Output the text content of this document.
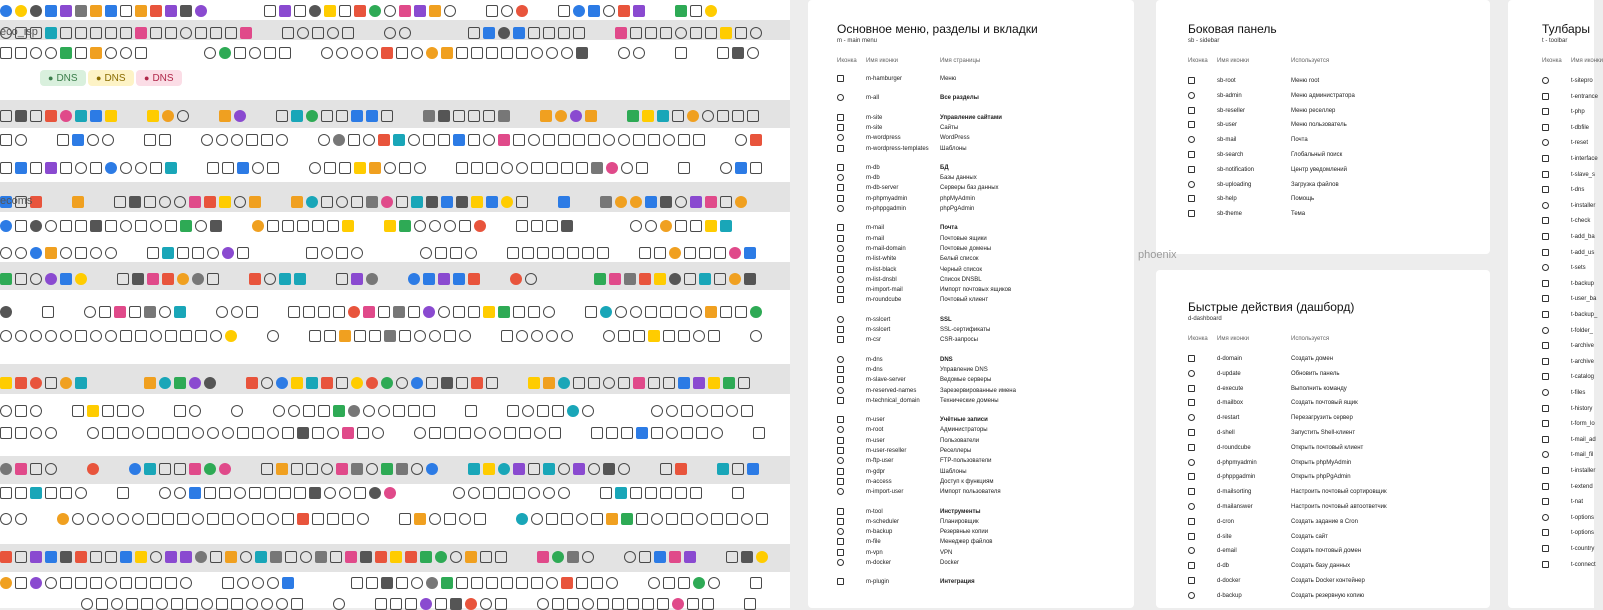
eco_isp
ecoms
● DNS	● DNS	● DNS
Основное меню, разделы и вкладки
m - main menu
Иконка Имя иконки	Имя страницы
m-hamburger	Меню
m-all	Все разделы
m-site	Управление сайтами
m-site	Сайты
m-wordpress	WordPress
m-wordpress-templates Шаблоны
m-db	БД
m-db	Базы данных
m-db-server	Серверы баз данных
m-phpmyadmin	phpMyAdmin
m-phppgadmin	phpPgAdmin
m-mail	Почта
m-mail	Почтовые ящики
m-mail-domain	Почтовые домены
m-list-white	Белый список
m-list-black	Черный список
m-list-dnsbl	Список DNSBL
m-import-mail	Импорт почтовых ящиков
m-roundcube	Почтовый клиент
m-sslcert	SSL
m-sslcert	SSL-сертификаты
m-csr	CSR-запросы
m-dns	DNS
m-dns	Управление DNS
m-slave-server	Ведомые серверы
m-reserved-names	Зарезервированные имена
m-technical_domain	Технические домены
m-user	Учётные записи
m-root	Администраторы
m-user	Пользователи
m-user-reseller	Реселлеры
m-ftp-user	FTP-пользователи
m-gdpr	Шаблоны
m-access	Доступ к функциям
m-import-user	Импорт пользователя
m-tool	Инструменты
m-scheduler	Планировщик
m-backup	Резервные копии
m-file	Менеджер файлов
m-vpn	VPN
m-docker	Docker
m-plugin	Интеграция
Боковая панель
sb - sidebar
Иконка Имя иконки	Используется
sb-root	Меню root
sb-admin	Меню администратора
sb-reseller	Меню реселлер
sb-user	Меню пользователь
sb-mail	Почта
sb-search	Глобальный поиск
sb-notification	Центр уведомлений
sb-uploading	Загрузка файлов
sb-help	Помощь
sb-theme	Тема
phoenix
Быстрые действия (дашборд)
d-dashboard
Иконка Имя иконки	Используется
d-domain	Создать домен
d-update	Обновить панель
d-execute	Выполнить команду
d-mailbox	Создать почтовый ящик
d-restart	Перезагрузить сервер
d-shell	Запустить Shell-клиент
d-roundcube	Открыть почтовый клиент
d-phpmyadmin	Открыть phpMyAdmin
d-phppgadmin	Открыть phpPgAdmin
d-mailsorting	Настроить почтовый сортировщик
d-mailanswer	Настроить почтовый автоответчик
d-cron	Создать задание в Cron
d-site	Создать сайт
d-email	Создать почтовый домен
d-db	Создать базу данных
d-docker	Создать Docker контейнер
d-backup	Создать резервную копию
Тулбары
t - toolbar
Иконка Имя иконки
t-sitepro
t-entrance
t-php
t-dbfile
t-reset
t-interface
t-slave_s
t-dns
t-installer
t-check
t-add_ba
t-add_us
t-sets
t-backup
t-user_ba
t-backup_
t-folder_
t-archive
t-archive
t-catalog
t-files
t-history
t-form_lo
t-mail_ad
t-mail_fil
t-installer
t-extend
t-nat
t-options
t-options
t-country
t-connect
